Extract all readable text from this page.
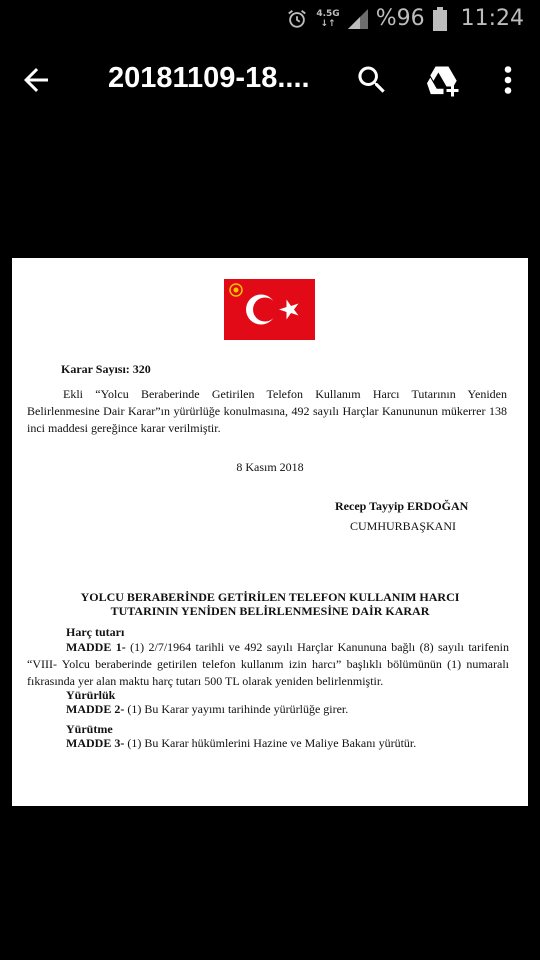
4.5G
↓↑ %96 11:24
20181109-18....
Karar Sayısı: 320
Ekli “Yolcu Beraberinde Getirilen Telefon Kullanım Harcı Tutarının Yeniden Belirlenmesine Dair Karar”ın yürürlüğe konulmasına, 492 sayılı Harçlar Kanununun mükerrer 138 inci maddesi gereğince karar verilmiştir.
8 Kasım 2018
Recep Tayyip ERDOĞAN
CUMHURBAŞKANI
YOLCU BERABERİNDE GETİRİLEN TELEFON KULLANIM HARCI
TUTARININ YENİDEN BELİRLENMESİNE DAİR KARAR
Harç tutarı
MADDE 1- (1) 2/7/1964 tarihli ve 492 sayılı Harçlar Kanununa bağlı (8) sayılı tarifenin “VIII- Yolcu beraberinde getirilen telefon kullanım izin harcı” başlıklı bölümünün (1) numaralı fıkrasında yer alan maktu harç tutarı 500 TL olarak yeniden belirlenmiştir.
Yürürlük
MADDE 2- (1) Bu Karar yayımı tarihinde yürürlüğe girer.
Yürütme
MADDE 3- (1) Bu Karar hükümlerini Hazine ve Maliye Bakanı yürütür.
